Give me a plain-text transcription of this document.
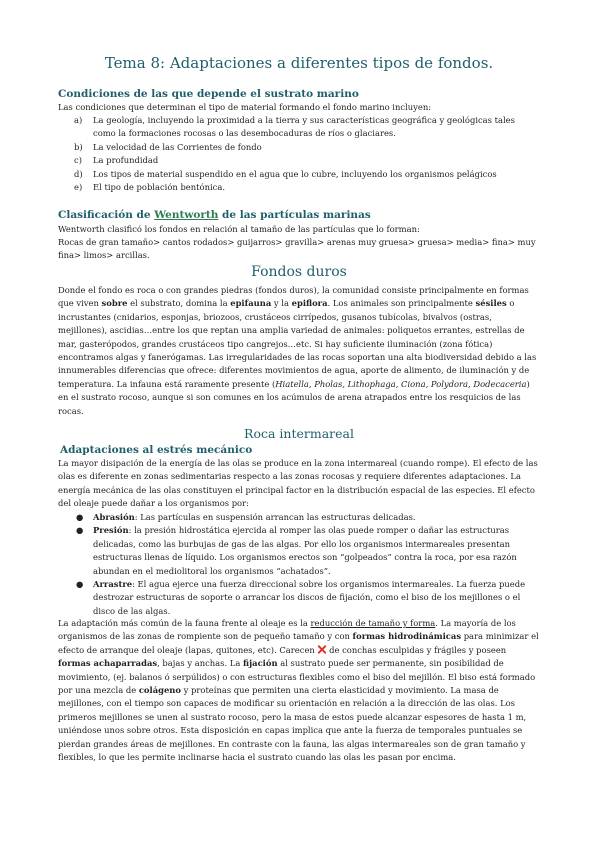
Tema 8: Adaptaciones a diferentes tipos de fondos.
Condiciones de las que depende el sustrato marino

Las condiciones que determinan el tipo de material formando el fondo marino incluyen:

a) La geología, incluyendo la proximidad a la tierra y sus características geográfica y geológicas tales como la formaciones rocosas o las desembocaduras de ríos o glaciares.
b) La velocidad de las Corrientes de fondo
c) La profundidad
d) Los tipos de material suspendido en el agua que lo cubre, incluyendo los organismos pelágicos
e) El tipo de población bentónica.
Clasificación de Wentworth de las partículas marinas

Wentworth clasificó los fondos en relación al tamaño de las partículas que lo forman:

Rocas de gran tamaño> cantos rodados> guijarros> gravilla> arenas muy gruesa> gruesa> media> fina> muy fina> limos> arcillas.

Fondos duros

Donde el fondo es roca o con grandes piedras (fondos duros), la comunidad consiste principalmente en formas que viven sobre el substrato, domina la epifauna y la epiflora. Los animales son principalmente sésiles o incrustantes (cnidarios, esponjas, briozoos, crustáceos cirrípedos, gusanos tubícolas, bivalvos (ostras, mejillones), ascidias…entre los que reptan una amplia variedad de animales: poliquetos errantes, estrellas de mar, gasterópodos, grandes crustáceos tipo cangrejos…etc. Si hay suficiente iluminación (zona fótica) encontramos algas y fanerógamas. Las irregularidades de las rocas soportan una alta biodiversidad debido a las innumerables diferencias que ofrece: diferentes movimientos de agua, aporte de alimento, de iluminación y de temperatura. La infauna está raramente presente (Hiatella, Pholas, Lithophaga, Ciona, Polydora, Dodecaceria) en el sustrato rocoso, aunque si son comunes en los acúmulos de arena atrapados entre los resquicios de las rocas.

Roca intermareal
Adaptaciones al estrés mecánico

La mayor disipación de la energía de las olas se produce en la zona intermareal (cuando rompe). El efecto de las olas es diferente en zonas sedimentarias respecto a las zonas rocosas y requiere diferentes adaptaciones. La energía mecánica de las olas constituyen el principal factor en la distribución espacial de las especies. El efecto del oleaje puede dañar a los organismos por:

● Abrasión: Las partículas en suspensión arrancan las estructuras delicadas.
● Presión: la presión hidrostática ejercida al romper las olas puede romper o dañar las estructuras delicadas, como las burbujas de gas de las algas. Por ello los organismos intermareales presentan estructuras llenas de líquido. Los organismos erectos son “golpeados” contra la roca, por esa razón abundan en el mediolitoral los organismos “achatados”.
● Arrastre: El agua ejerce una fuerza direccional sobre los organismos intermareales. La fuerza puede destrozar estructuras de soporte o arrancar los discos de fijación, como el biso de los mejillones o el disco de las algas.

La adaptación más común de la fauna frente al oleaje es la reducción de tamaño y forma. La mayoría de los organismos de las zonas de rompiente son de pequeño tamaño y con formas hidrodinámicas para minimizar el efecto de arranque del oleaje (lapas, quitones, etc). Carecen  de conchas esculpidas y frágiles y poseen formas achaparradas, bajas y anchas. La fijación al sustrato puede ser permanente, sin posibilidad de movimiento, (ej. balanos ó serpúlidos) o con estructuras flexibles como el biso del mejillón. El biso está formado por una mezcla de colágeno y proteínas que permiten una cierta elasticidad y movimiento. La masa de mejillones, con el tiempo son capaces de modificar su orientación en relación a la dirección de las olas. Los primeros mejillones se unen al sustrato rocoso, pero la masa de estos puede alcanzar espesores de hasta 1 m, uniéndose unos sobre otros. Esta disposición en capas implica que ante la fuerza de temporales puntuales se pierdan grandes áreas de mejillones. En contraste con la fauna, las algas intermareales son de gran tamaño y flexibles, lo que les permite inclinarse hacia el sustrato cuando las olas les pasan por encima.
